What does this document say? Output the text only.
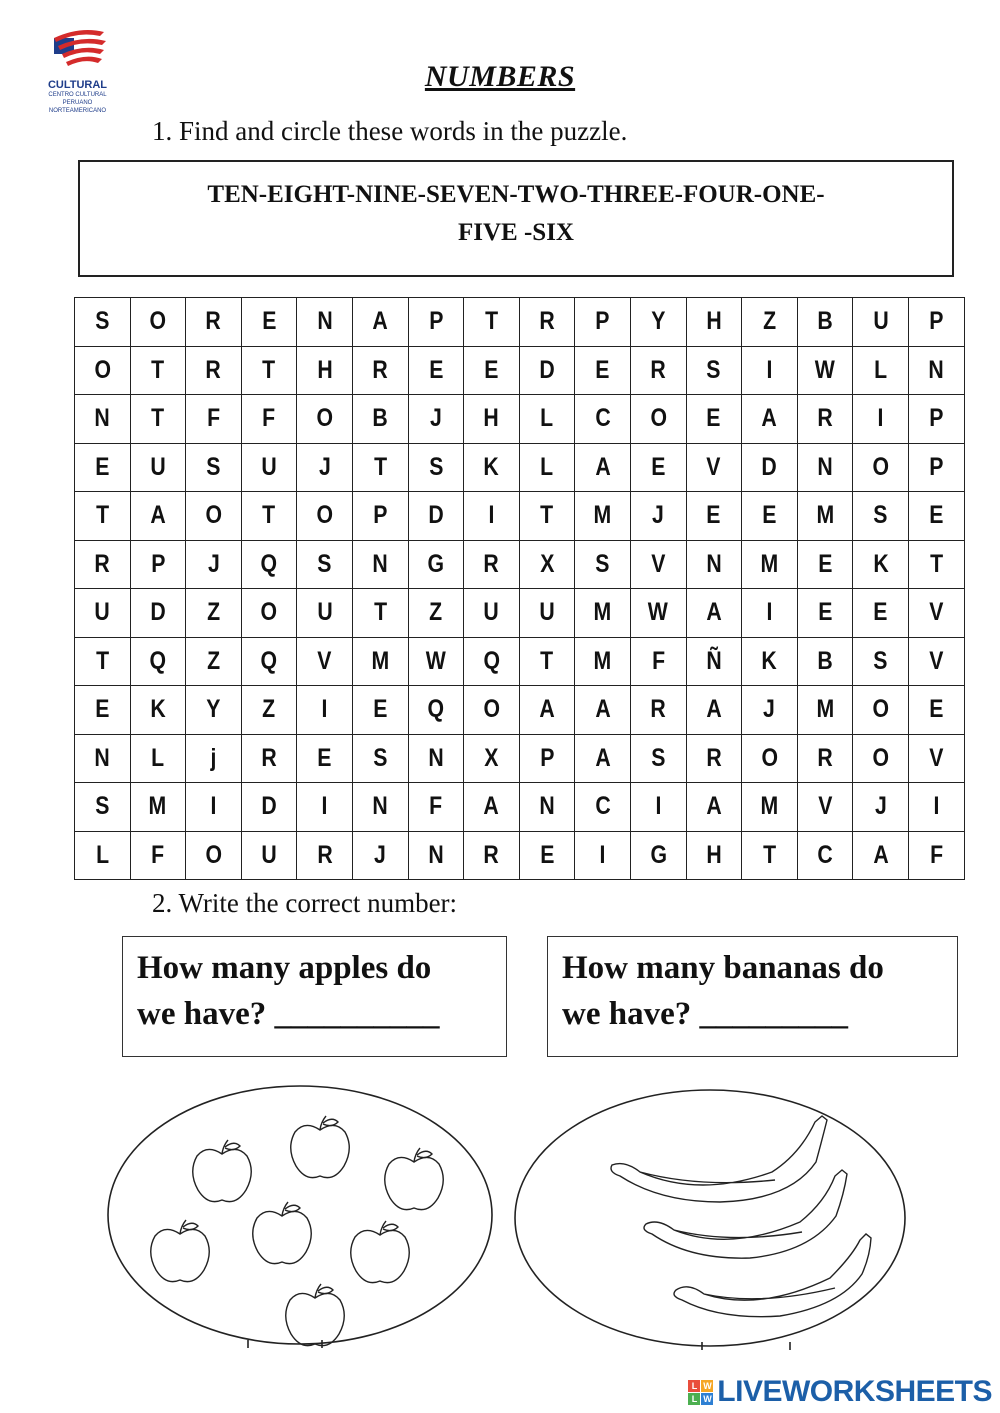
CULTURAL
CENTRO CULTURAL
PERUANO
NORTEAMERICANO
NUMBERS
1. Find and circle these words in the puzzle.
TEN-EIGHT-NINE-SEVEN-TWO-THREE-FOUR-ONE-
FIVE -SIX
S	O	R	E	N	A	P	T	R	P	Y	H	Z	B	U	P
O	T	R	T	H	R	E	E	D	E	R	S	I	W	L	N
N	T	F	F	O	B	J	H	L	C	O	E	A	R	I	P
E	U	S	U	J	T	S	K	L	A	E	V	D	N	O	P
T	A	O	T	O	P	D	I	T	M	J	E	E	M	S	E
R	P	J	Q	S	N	G	R	X	S	V	N	M	E	K	T
U	D	Z	O	U	T	Z	U	U	M	W	A	I	E	E	V
T	Q	Z	Q	V	M	W	Q	T	M	F	Ñ	K	B	S	V
E	K	Y	Z	I	E	Q	O	A	A	R	A	J	M	O	E
N	L	j	R	E	S	N	X	P	A	S	R	O	R	O	V
S	M	I	D	I	N	F	A	N	C	I	A	M	V	J	I
L	F	O	U	R	J	N	R	E	I	G	H	T	C	A	F
2. Write the correct number:
How many apples do
we have? __________
How many bananas do
we have? _________
L W
L W LIVEWORKSHEETS
